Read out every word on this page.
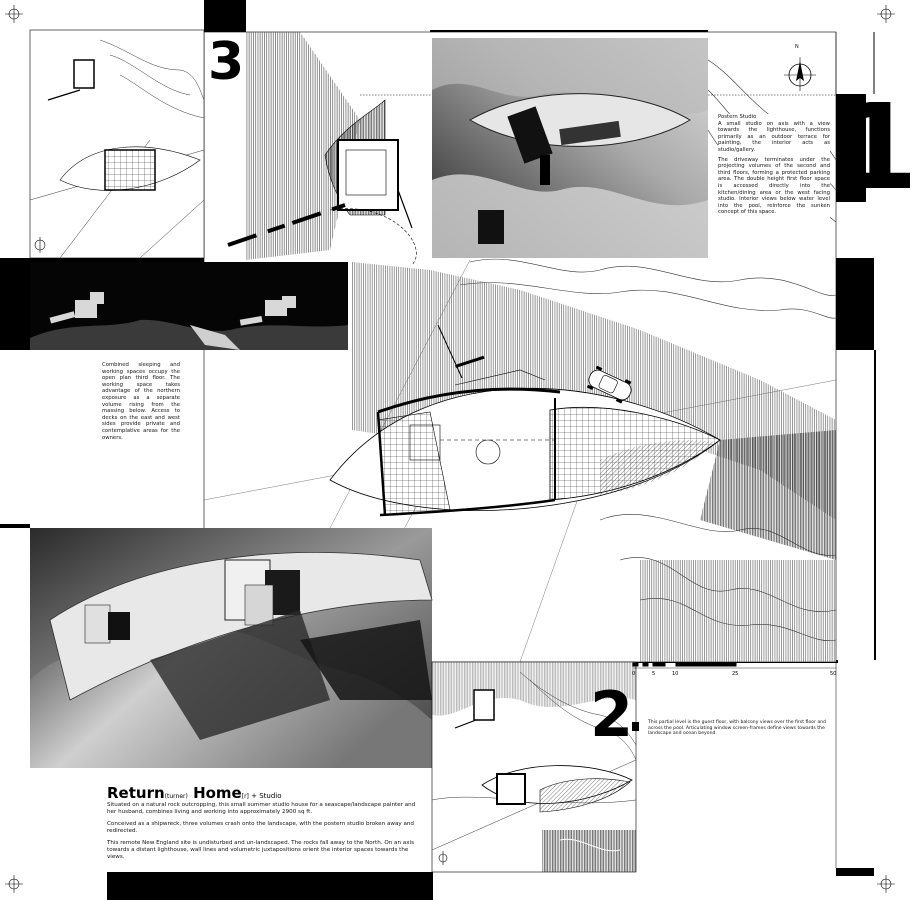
3
1
2
N

Postern Studio

A small studio on axis with a view towards the lighthouse, functions primarily as an outdoor terrace for painting, the interior acts as studio/gallery.

The driveway terminates under the projecting volumes of the second and third floors, forming a protected parking area. The double height first floor space is accessed directly into the kitchen/dining area or the west facing studio. Interior views below water level into the pool, reinforce the sunken concept of this space.

Combined sleeping and working spaces occupy the open plan third floor. The working space takes advantage of the northern exposure as a separate volume rising from the massing below. Access to decks on the east and west sides provide private and contemplative areas for the owners.
This partial level is the guest floor, with balcony views over the first floor and across the pool. Articulating window screen-frames define views towards the landscape and ocean beyond.
0	5	10	25	50
Return(turner) Home[r] + Studio

Situated on a natural rock outcropping, this small summer studio house for a seascape/landscape painter and her husband, combines living and working into approximately 2900 sq ft.

Conceived as a shipwreck, three volumes crash onto the landscape, with the postern studio broken away and redirected.

This remote New England site is undisturbed and un-landscaped. The rocks fall away to the North. On an axis towards a distant lighthouse, wall lines and volumetric juxtapositions orient the interior spaces towards the views.
